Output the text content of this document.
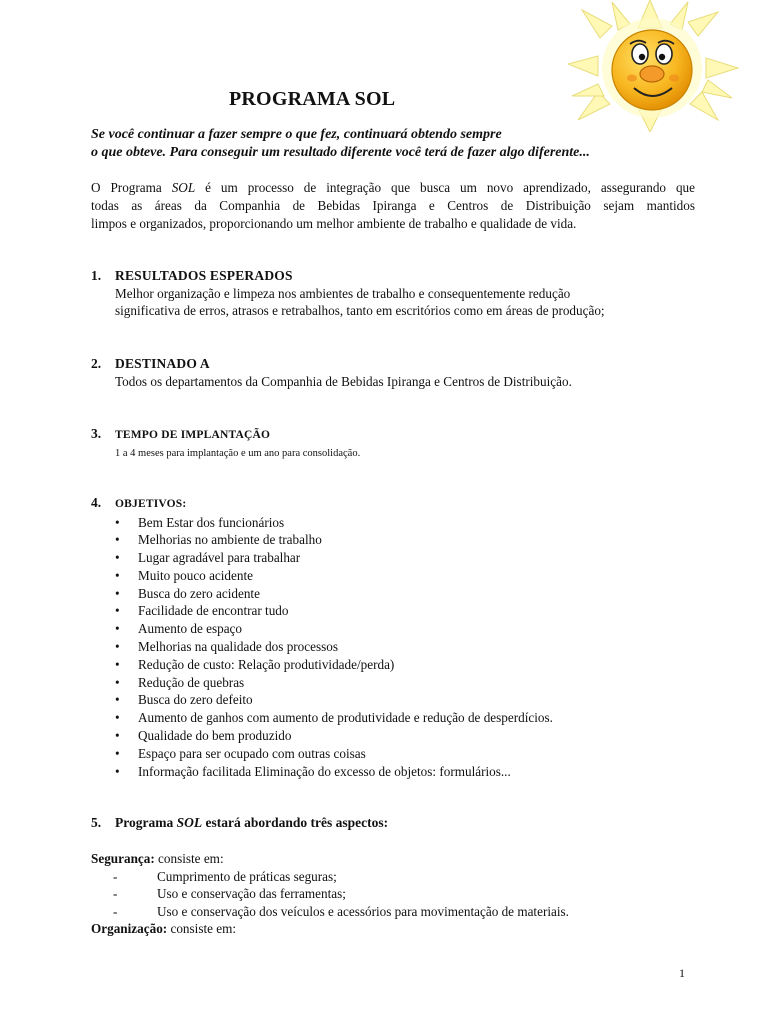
PROGRAMA SOL
Se você continuar a fazer sempre o que fez, continuará obtendo sempre
o que obteve. Para conseguir um resultado diferente você terá de fazer algo diferente...
O Programa SOL é um processo de integração que busca um novo aprendizado, assegurando que
todas as áreas da Companhia de Bebidas Ipiranga e Centros de Distribuição sejam mantidos
limpos e organizados, proporcionando um melhor ambiente de trabalho e qualidade de vida.
1. RESULTADOS ESPERADOS
Melhor organização e limpeza nos ambientes de trabalho e consequentemente redução
significativa de erros, atrasos e retrabalhos, tanto em escritórios como em áreas de produção;
2. DESTINADO A
Todos os departamentos da Companhia de Bebidas Ipiranga e Centros de Distribuição.
3. TEMPO DE IMPLANTAÇÃO
1 a 4 meses para implantação e um ano para consolidação.
4. OBJETIVOS:
• Bem Estar dos funcionários
• Melhorias no ambiente de trabalho
• Lugar agradável para trabalhar
• Muito pouco acidente
• Busca do zero acidente
• Facilidade de encontrar tudo
• Aumento de espaço
• Melhorias na qualidade dos processos
• Redução de custo: Relação produtividade/perda)
• Redução de quebras
• Busca do zero defeito
• Aumento de ganhos com aumento de produtividade e redução de desperdícios.
• Qualidade do bem produzido
• Espaço para ser ocupado com outras coisas
• Informação facilitada Eliminação do excesso de objetos: formulários...
5. Programa SOL estará abordando três aspectos:
Segurança: consiste em:
-	Cumprimento de práticas seguras;
-	Uso e conservação das ferramentas;
-	Uso e conservação dos veículos e acessórios para movimentação de materiais.
Organização: consiste em:
1
